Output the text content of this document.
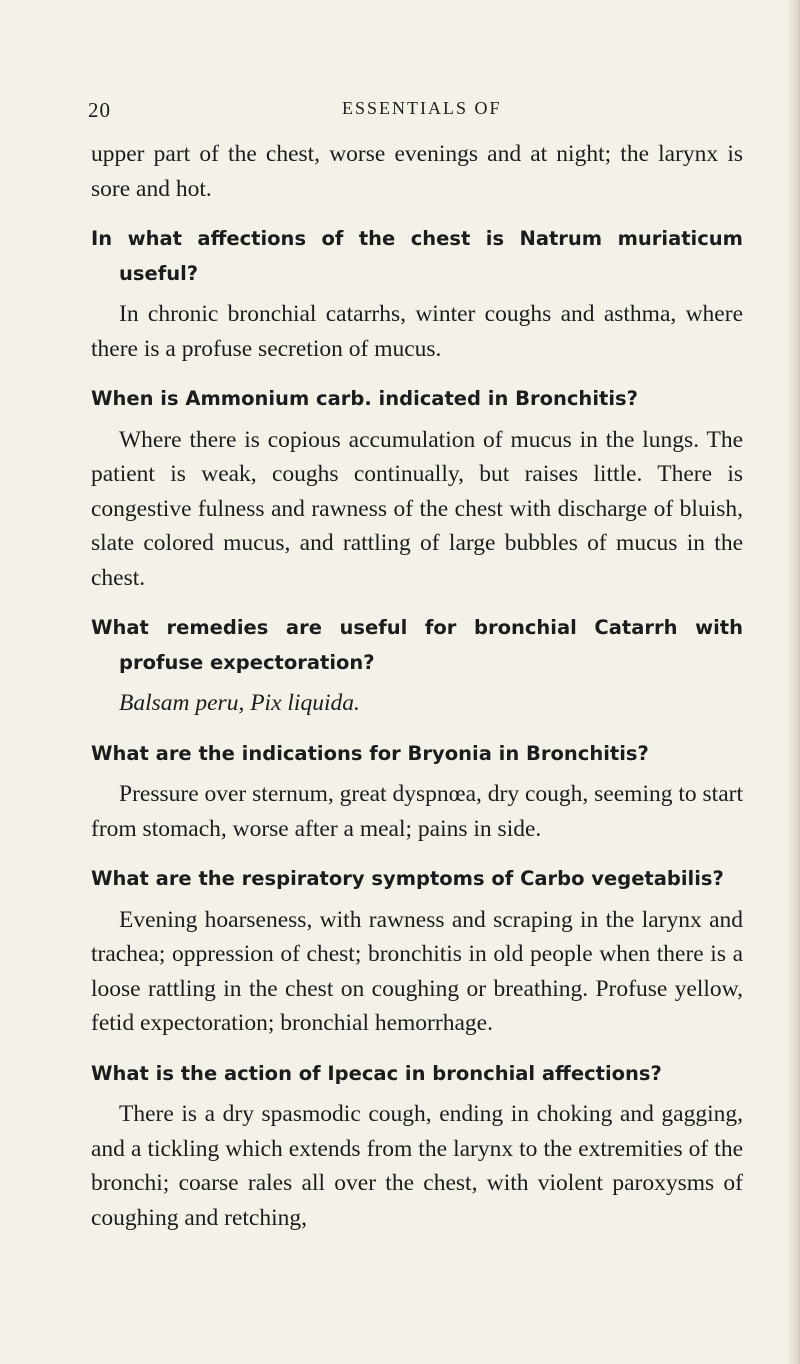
20	ESSENTIALS OF

upper part of the chest, worse evenings and at night; the larynx is sore and hot.

In what affections of the chest is Natrum muriaticum useful?

In chronic bronchial catarrhs, winter coughs and asthma, where there is a profuse secretion of mucus.

When is Ammonium carb. indicated in Bronchitis?

Where there is copious accumulation of mucus in the lungs. The patient is weak, coughs continually, but raises little. There is congestive fulness and rawness of the chest with discharge of bluish, slate colored mucus, and rattling of large bubbles of mucus in the chest.

What remedies are useful for bronchial Catarrh with profuse expectoration?

Balsam peru, Pix liquida.

What are the indications for Bryonia in Bronchitis?

Pressure over sternum, great dyspnœa, dry cough, seeming to start from stomach, worse after a meal; pains in side.

What are the respiratory symptoms of Carbo vegetabilis?

Evening hoarseness, with rawness and scraping in the larynx and trachea; oppression of chest; bronchitis in old people when there is a loose rattling in the chest on coughing or breathing. Profuse yellow, fetid expectoration; bronchial hemorrhage.

What is the action of Ipecac in bronchial affections?

There is a dry spasmodic cough, ending in choking and gagging, and a tickling which extends from the larynx to the extremities of the bronchi; coarse rales all over the chest, with violent paroxysms of coughing and retching,
